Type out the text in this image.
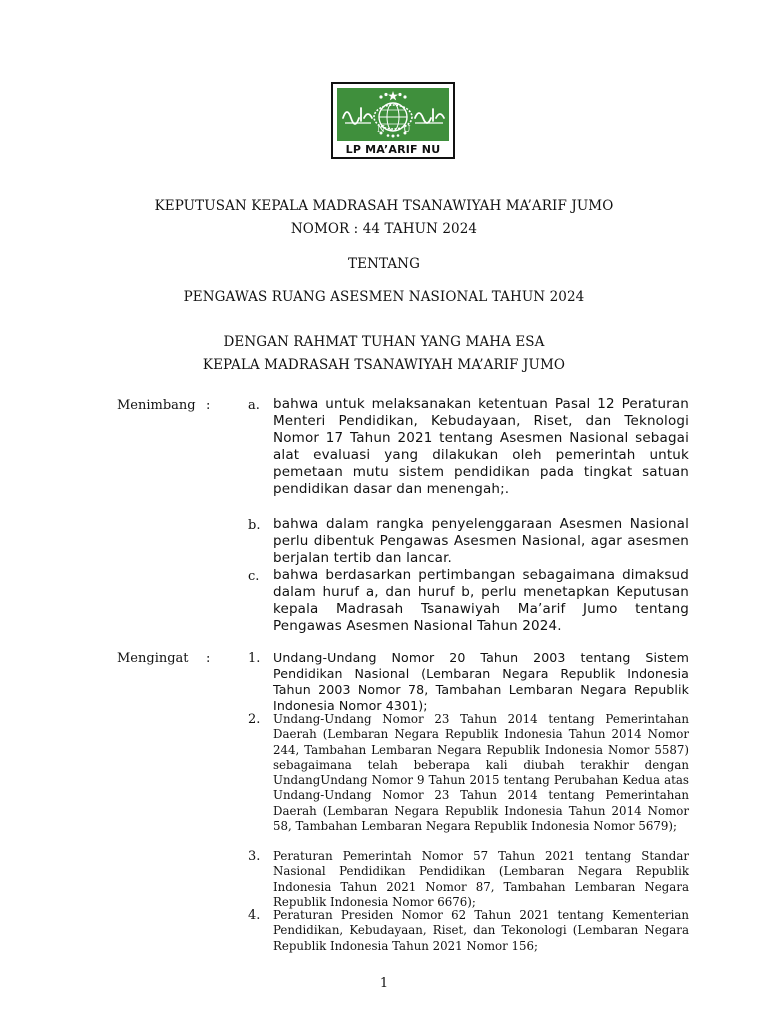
N U
LP MA’ARIF NU
KEPUTUSAN KEPALA MADRASAH TSANAWIYAH MA’ARIF JUMO
NOMOR : 44 TAHUN 2024
TENTANG
PENGAWAS RUANG ASESMEN NASIONAL TAHUN 2024
DENGAN RAHMAT TUHAN YANG MAHA ESA
KEPALA MADRASAH TSANAWIYAH MA’ARIF JUMO
Menimbang :	a. bahwa untuk melaksanakan ketentuan Pasal 12 Peraturan Menteri Pendidikan, Kebudayaan, Riset, dan Teknologi Nomor 17 Tahun 2021 tentang Asesmen Nasional sebagai alat evaluasi yang dilakukan oleh pemerintah untuk pemetaan mutu sistem pendidikan pada tingkat satuan pendidikan dasar dan menengah;.
b. bahwa dalam rangka penyelenggaraan Asesmen Nasional perlu dibentuk Pengawas Asesmen Nasional, agar asesmen berjalan tertib dan lancar.
c.	bahwa berdasarkan pertimbangan sebagaimana dimaksud dalam huruf a, dan huruf b, perlu menetapkan Keputusan kepala Madrasah Tsanawiyah Ma’arif Jumo tentang Pengawas Asesmen Nasional Tahun 2024.
Mengingat :	1. Undang-Undang Nomor 20 Tahun 2003 tentang Sistem Pendidikan Nasional (Lembaran Negara Republik Indonesia Tahun 2003 Nomor 78, Tambahan Lembaran Negara Republik Indonesia Nomor 4301);
2.	Undang-Undang Nomor 23 Tahun 2014 tentang Pemerintahan Daerah (Lembaran Negara Republik Indonesia Tahun 2014 Nomor 244, Tambahan Lembaran Negara Republik Indonesia Nomor 5587) sebagaimana telah beberapa kali diubah terakhir dengan UndangUndang Nomor 9 Tahun 2015 tentang Perubahan Kedua atas Undang-Undang Nomor 23 Tahun 2014 tentang Pemerintahan Daerah (Lembaran Negara Republik Indonesia Tahun 2014 Nomor 58, Tambahan Lembaran Negara Republik Indonesia Nomor 5679);
3.	Peraturan Pemerintah Nomor 57 Tahun 2021 tentang Standar Nasional Pendidikan Pendidikan (Lembaran Negara Republik Indonesia Tahun 2021 Nomor 87, Tambahan Lembaran Negara Republik Indonesia Nomor 6676);
4.	Peraturan Presiden Nomor 62 Tahun 2021 tentang Kementerian Pendidikan, Kebudayaan, Riset, dan Tekonologi (Lembaran Negara Republik Indonesia Tahun 2021 Nomor 156;
1
